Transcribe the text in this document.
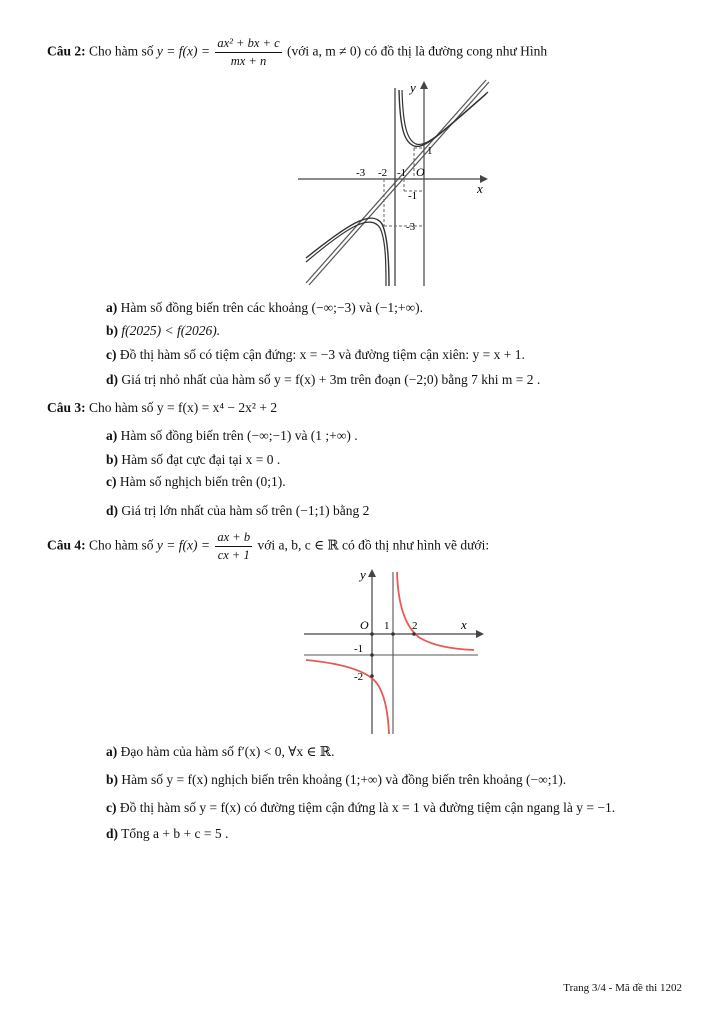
Câu 2: Cho hàm số $y = f(x) = \frac{\text{ax² + bx + c}}{mx + n}$ (với a, m ≠ 0) có đồ thị là đường cong như Hình
x
y
O
-3 -2 -1
1
-1
-3
a) Hàm số đồng biến trên các khoảng (−∞;−3) và (−1;+∞).
b) f(2025) < f(2026).
c) Đồ thị hàm số có tiệm cận đứng: x = −3 và đường tiệm cận xiên: y = x + 1.
d) Giá trị nhỏ nhất của hàm số y = f(x) + 3m trên đoạn (−2;0) bằng 7 khi m = 2 .
Câu 3: Cho hàm số y = f(x) = x⁴ − 2x² + 2
a) Hàm số đồng biến trên (−∞;−1) và (1 ;+∞) .
b) Hàm số đạt cực đại tại x = 0 .
c) Hàm số nghịch biến trên (0;1).
d) Giá trị lớn nhất của hàm số trên (−1;1) bằng 2
Câu 4: Cho hàm số $y = f(x) = \frac{ax + b}{cx + 1}$ với a, b, c ∈ ℝ có đồ thị như hình vẽ dưới:
x
y
O 1 2
-1
-2
a) Đạo hàm của hàm số f′(x) < 0, ∀x ∈ ℝ.
b) Hàm số y = f(x) nghịch biến trên khoảng (1;+∞) và đồng biến trên khoảng (−∞;1).
c) Đồ thị hàm số y = f(x) có đường tiệm cận đứng là x = 1 và đường tiệm cận ngang là y = −1.
d) Tổng a + b + c = 5 .
Trang 3/4 - Mã đề thi 1202
